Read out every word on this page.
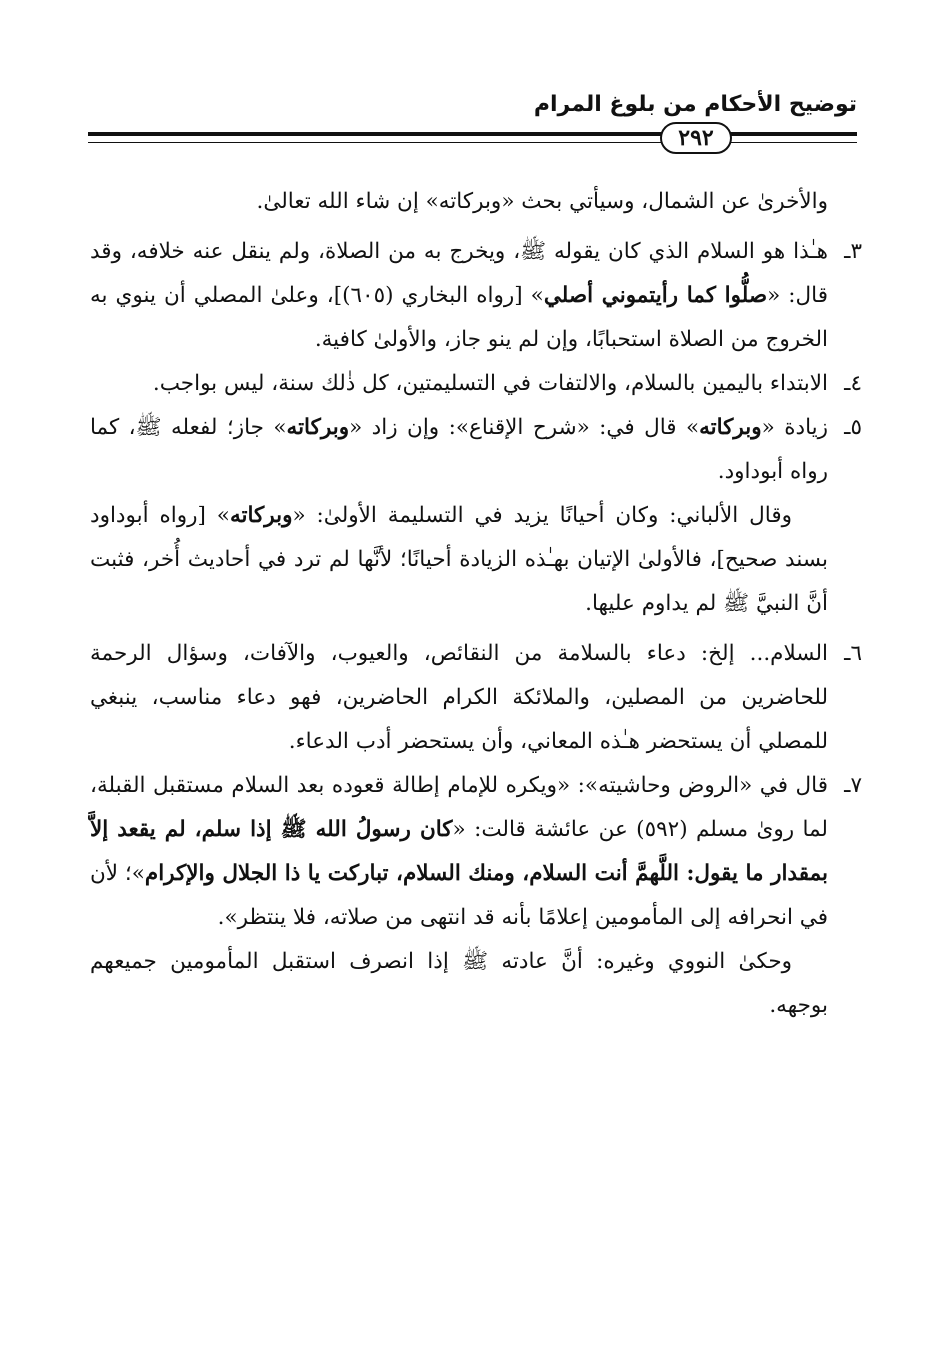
توضيح الأحكام من بلوغ المرام
٢٩٢

والأخرىٰ عن الشمال، وسيأتي بحث «وبركاته» إن شاء الله تعالىٰ.

٣ـ
هـٰذا هو السلام الذي كان يقوله ﷺ، ويخرج به من الصلاة، ولم ينقل عنه خلافه، وقد قال: «صلُّوا كما رأيتموني أصلي» [رواه البخاري (٦٠٥)]، وعلىٰ المصلي أن ينوي به الخروج من الصلاة استحبابًا، وإن لم ينو جاز، والأولىٰ كافية.
٤ـ
الابتداء باليمين بالسلام، والالتفات في التسليمتين، كل ذٰلك سنة، ليس بواجب.
٥ـ
زيادة «وبركاته» قال في: «شرح الإقناع»: وإن زاد «وبركاته» جاز؛ لفعله ﷺ، كما رواه أبوداود.

وقال الألباني: وكان أحيانًا يزيد في التسليمة الأولىٰ: «وبركاته» [رواه أبوداود بسند صحيح]، فالأولىٰ الإتيان بهـٰذه الزيادة أحيانًا؛ لأنَّها لم ترد في أحاديث أُخر، فثبت أنَّ النبيَّ ﷺ لم يداوم عليها.

٦ـ
السلام... إلخ: دعاء بالسلامة من النقائص، والعيوب، والآفات، وسؤال الرحمة للحاضرين من المصلين، والملائكة الكرام الحاضرين، فهو دعاء مناسب، ينبغي للمصلي أن يستحضر هـٰذه المعاني، وأن يستحضر أدب الدعاء.
٧ـ
قال في «الروض وحاشيته»: «ويكره للإمام إطالة قعوده بعد السلام مستقبل القبلة، لما روىٰ مسلم (٥٩٢) عن عائشة قالت: «كان رسولُ الله ﷺ إذا سلم، لم يقعد إلاَّ بمقدار ما يقول: اللَّهمَّ أنت السلام، ومنك السلام، تباركت يا ذا الجلال والإكرام»؛ لأن في انحرافه إلى المأمومين إعلامًا بأنه قد انتهى من صلاته، فلا ينتظر».

وحكىٰ النووي وغيره: أنَّ عادته ﷺ إذا انصرف استقبل المأمومين جميعهم بوجهه.
